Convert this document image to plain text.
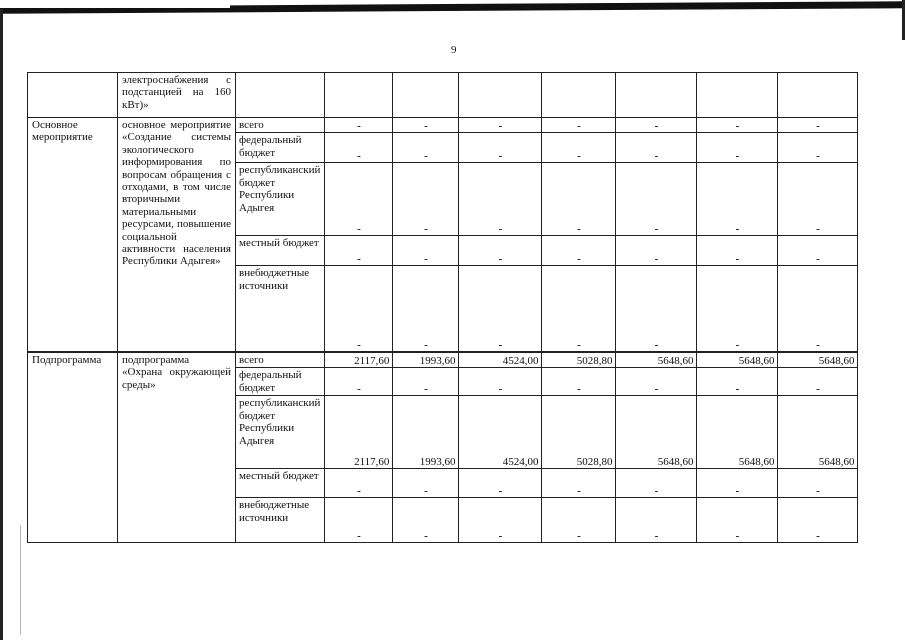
9
	электроснабжения с подстанцией на 160 кВт)»								
Основное мероприятие	основное мероприятие «Создание системы экологического информирования по вопросам обращения с отходами, в том числе вторичными материальными ресурсами, повышение социальной активности населения Республики Адыгея»	всего	-	-	-	-	-	-	-
		федеральный бюджет	-	-	-	-	-	-	-
		республиканский бюджет Республики Адыгея	-	-	-	-	-	-	-
		местный бюджет	-	-	-	-	-	-	-
		внебюджетные источники	-	-	-	-	-	-	-
Подпрограмма	подпрограмма «Охрана окружающей среды»	всего	2117,60	1993,60	4524,00	5028,80	5648,60	5648,60	5648,60
		федеральный бюджет	-	-	-	-	-	-	-
		республиканский бюджет Республики Адыгея	2117,60	1993,60	4524,00	5028,80	5648,60	5648,60	5648,60
		местный бюджет	-	-	-	-	-	-	-
		внебюджетные источники	-	-	-	-	-	-	-
